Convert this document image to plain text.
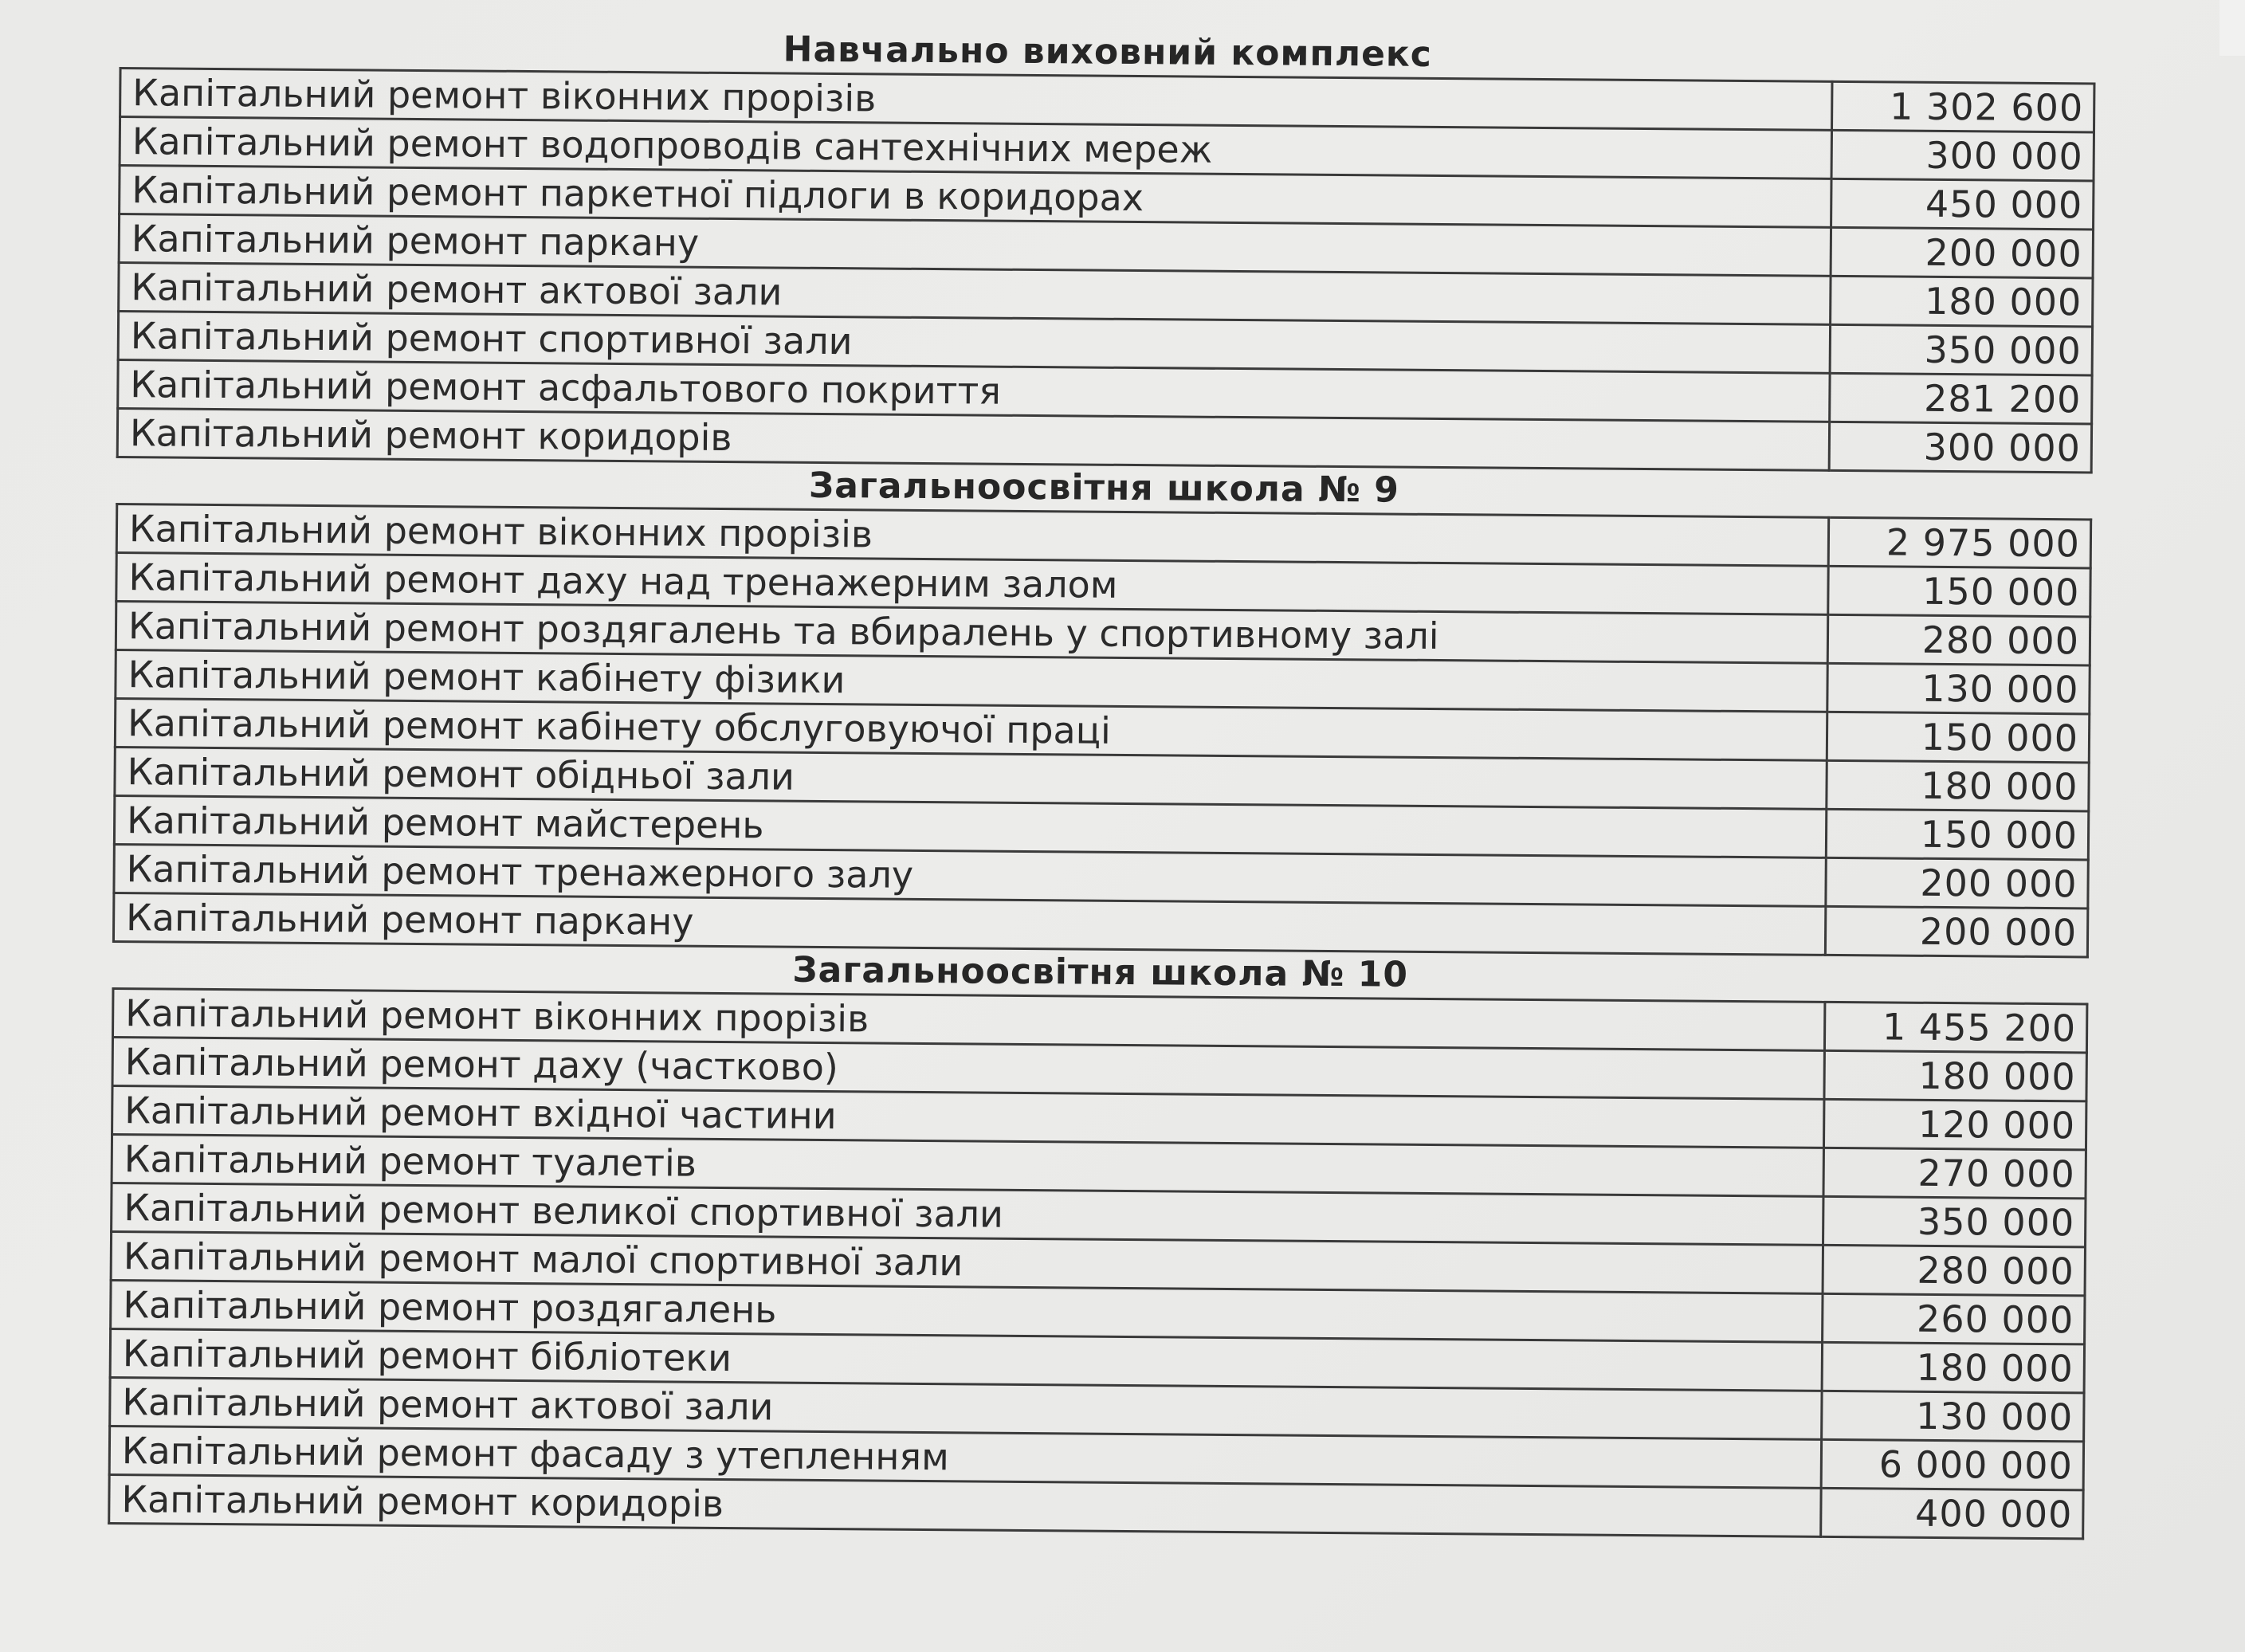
Навчально виховний комплекс
Капітальний ремонт віконних прорізів	1 302 600
Капітальний ремонт водопроводів сантехнічних мереж	300 000
Капітальний ремонт паркетної підлоги в коридорах	450 000
Капітальний ремонт паркану	200 000
Капітальний ремонт актової зали	180 000
Капітальний ремонт спортивної зали	350 000
Капітальний ремонт асфальтового покриття	281 200
Капітальний ремонт коридорів	300 000
Загальноосвітня школа № 9
Капітальний ремонт віконних прорізів	2 975 000
Капітальний ремонт даху над тренажерним залом	150 000
Капітальний ремонт роздягалень та вбиралень у спортивному залі	280 000
Капітальний ремонт кабінету фізики	130 000
Капітальний ремонт кабінету обслуговуючої праці	150 000
Капітальний ремонт обідньої зали	180 000
Капітальний ремонт майстерень	150 000
Капітальний ремонт тренажерного залу	200 000
Капітальний ремонт паркану	200 000
Загальноосвітня школа № 10
Капітальний ремонт віконних прорізів	1 455 200
Капітальний ремонт даху (частково)	180 000
Капітальний ремонт вхідної частини	120 000
Капітальний ремонт туалетів	270 000
Капітальний ремонт великої спортивної зали	350 000
Капітальний ремонт малої спортивної зали	280 000
Капітальний ремонт роздягалень	260 000
Капітальний ремонт бібліотеки	180 000
Капітальний ремонт актової зали	130 000
Капітальний ремонт фасаду з утепленням	6 000 000
Капітальний ремонт коридорів	400 000
